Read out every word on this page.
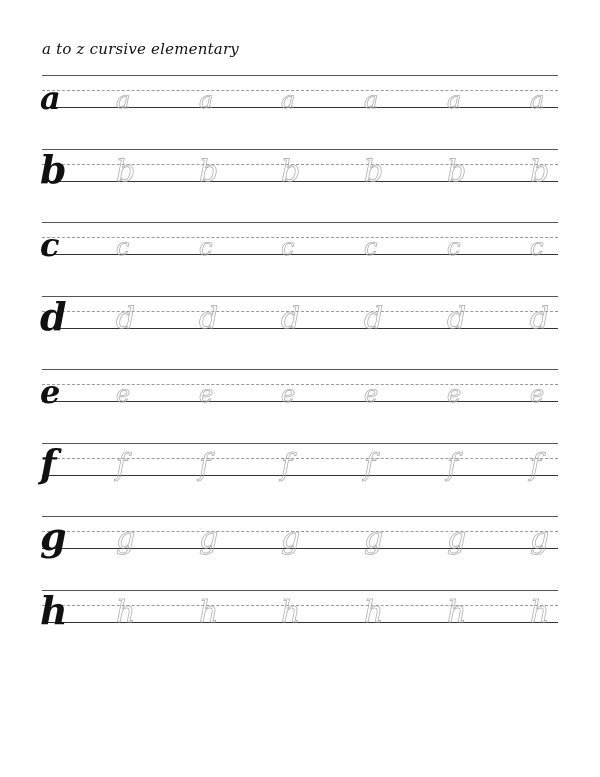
a to z cursive elementary
a a	a	a	a	a	a
b b b b b b b
c c	c	c	c	c	c
d d d d d d d
e e	e	e	e	e	e
f f f f f f f
g g g g g g g
h h h h h h h
